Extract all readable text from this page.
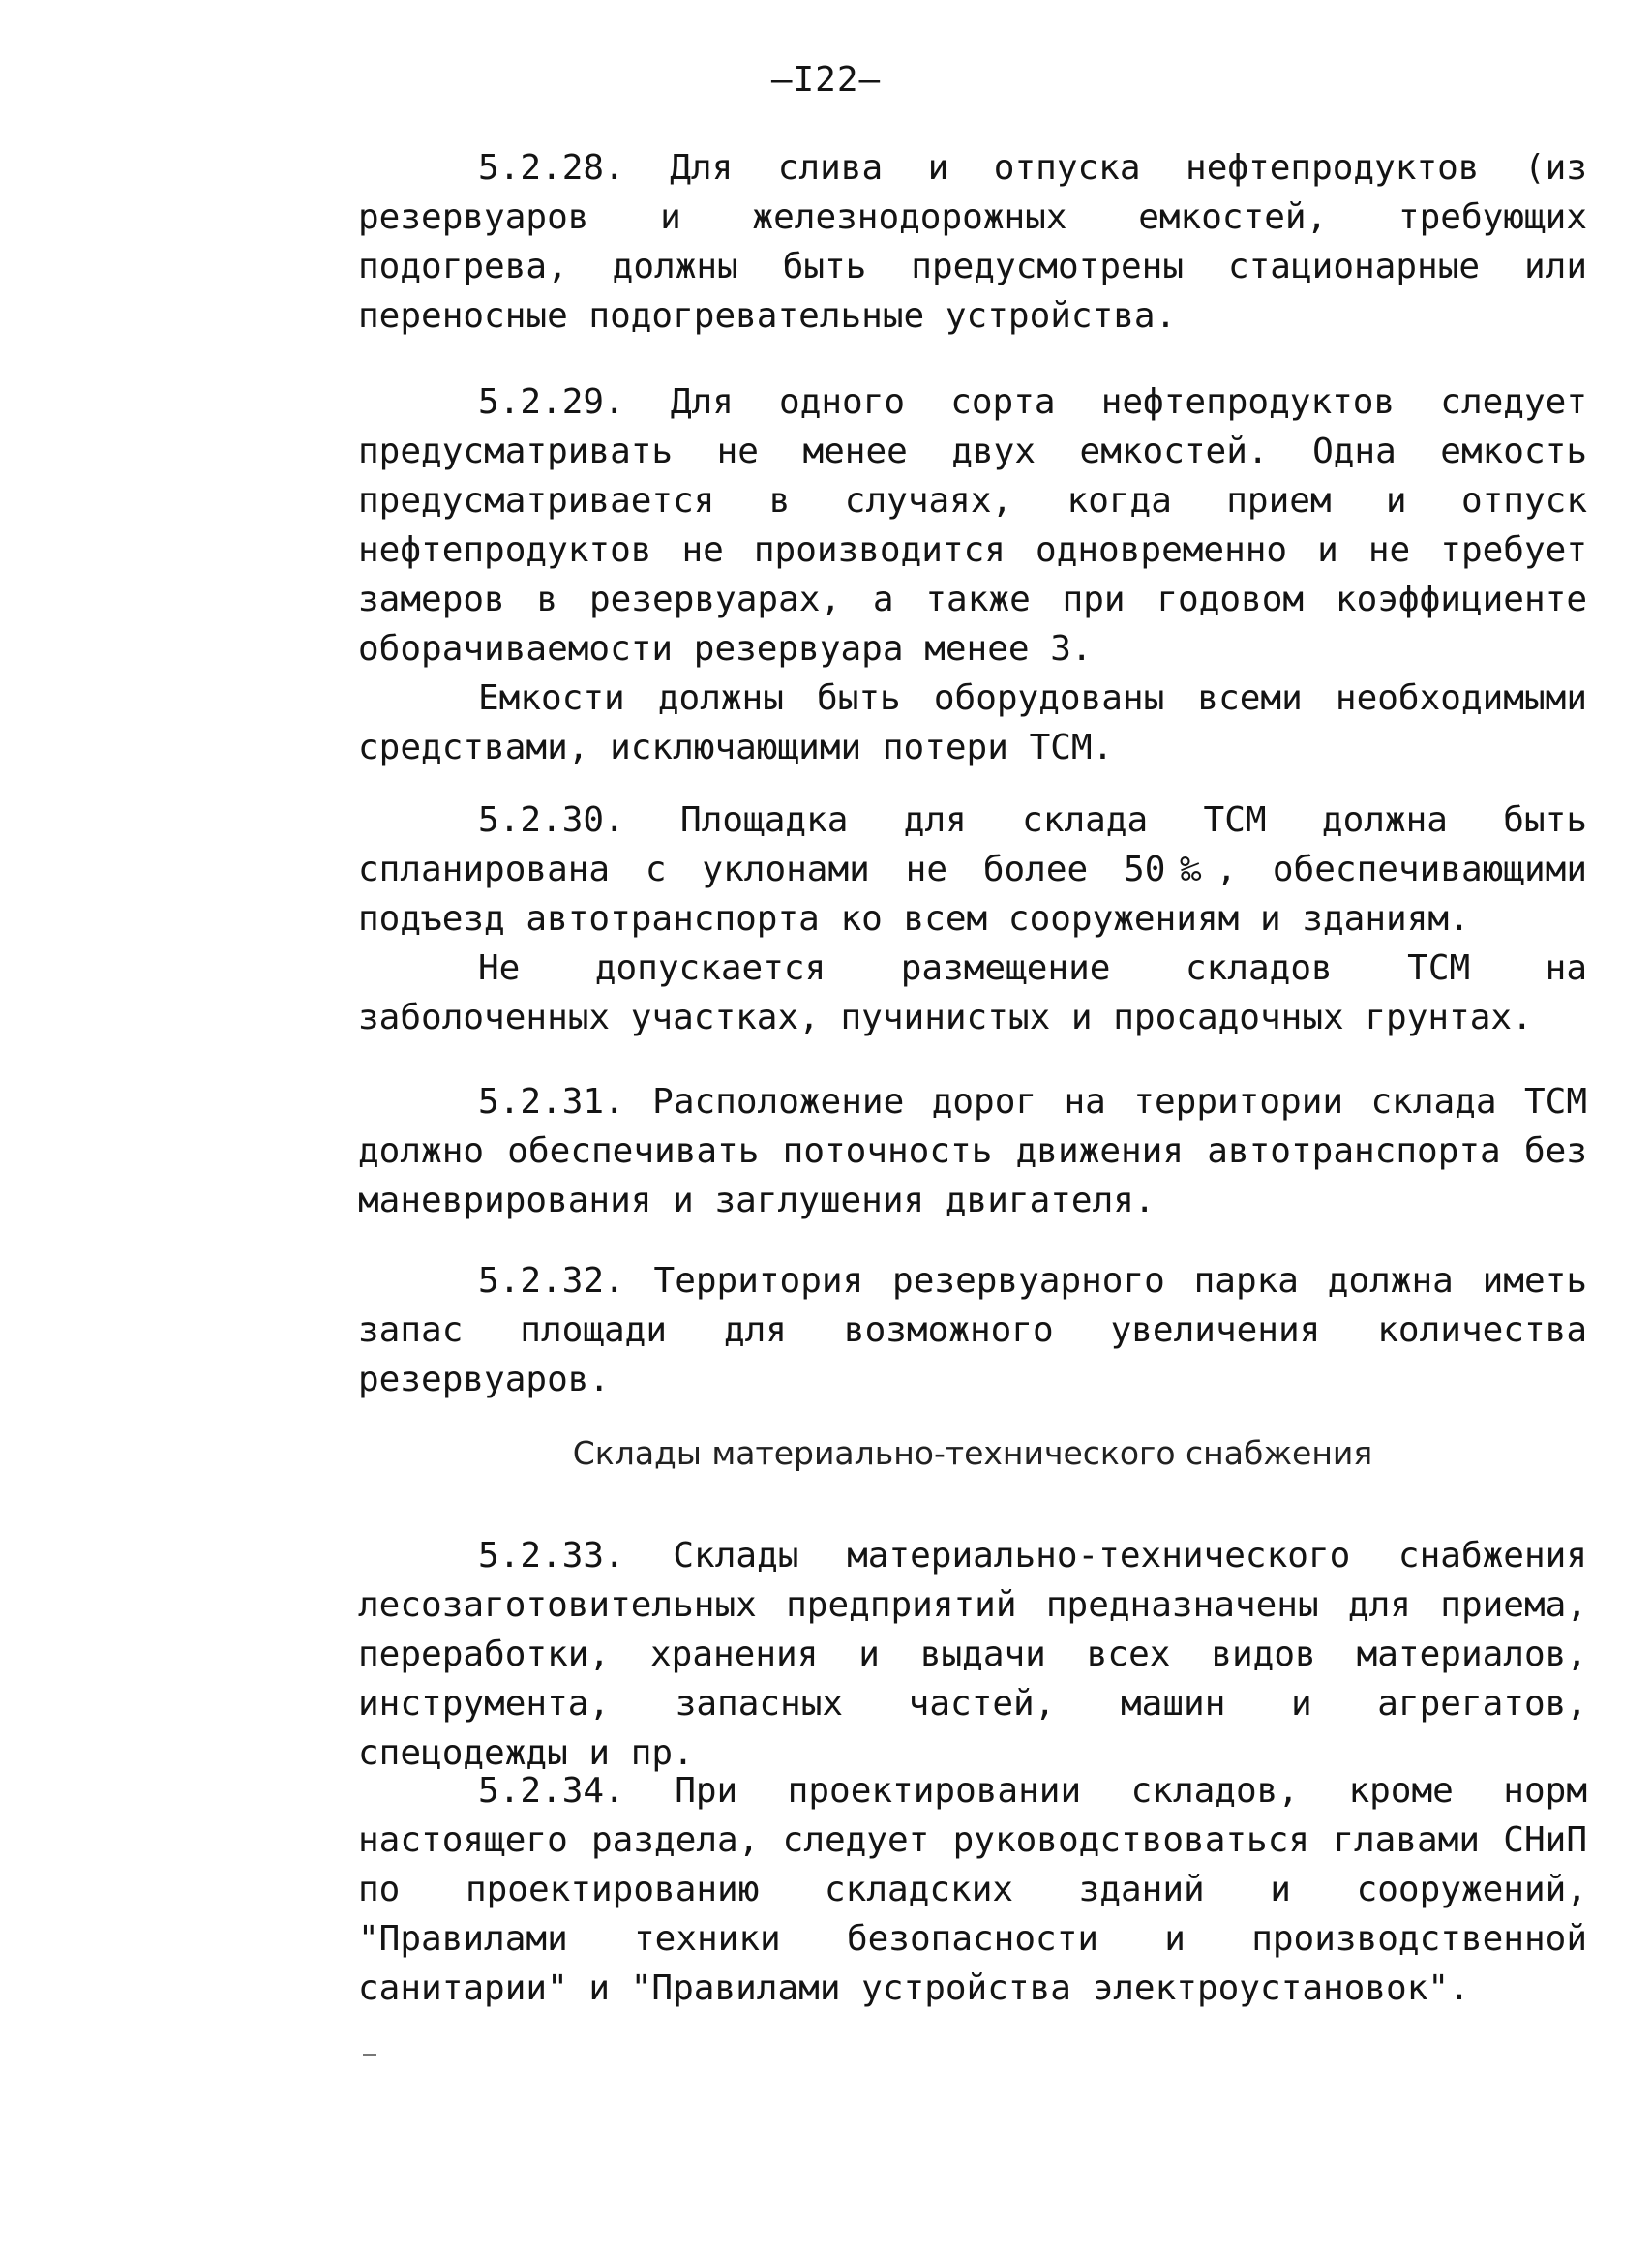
—I22—

5.2.28. Для слива и отпуска нефтепродуктов (из резервуаров и железнодорожных емкостей, требующих подогрева, должны быть предусмотрены стационарные или переносные подогревательные устройства.

5.2.29. Для одного сорта нефтепродуктов следует предусматривать не менее двух емкостей. Одна емкость предусматривается в случаях, когда прием и отпуск нефтепродуктов не производится одновременно и не требует замеров в резервуарах, а также при годовом коэффициенте оборачиваемости резервуара менее 3.

Емкости должны быть оборудованы всеми необходимыми средствами, исключающими потери ТСМ.

5.2.30. Площадка для склада ТСМ должна быть спланирована с уклонами не более 50‰, обеспечивающими подъезд автотранспорта ко всем сооружениям и зданиям.

Не допускается размещение складов ТСМ на заболоченных участках, пучинистых и просадочных грунтах.

5.2.31. Расположение дорог на территории склада ТСМ должно обеспечивать поточность движения автотранспорта без маневрирования и заглушения двигателя.

5.2.32. Территория резервуарного парка должна иметь запас площади для возможного увеличения количества резервуаров.

Склады материально-технического снабжения

5.2.33. Склады материально-технического снабжения лесозаготовительных предприятий предназначены для приема, переработки, хранения и выдачи всех видов материалов, инструмента, запасных частей, машин и агрегатов, спецодежды и пр.

5.2.34. При проектировании складов, кроме норм настоящего раздела, следует руководствоваться главами СНиП по проектированию складских зданий и сооружений, "Правилами техники безопасности и производственной санитарии" и "Правилами устройства электроустановок".
